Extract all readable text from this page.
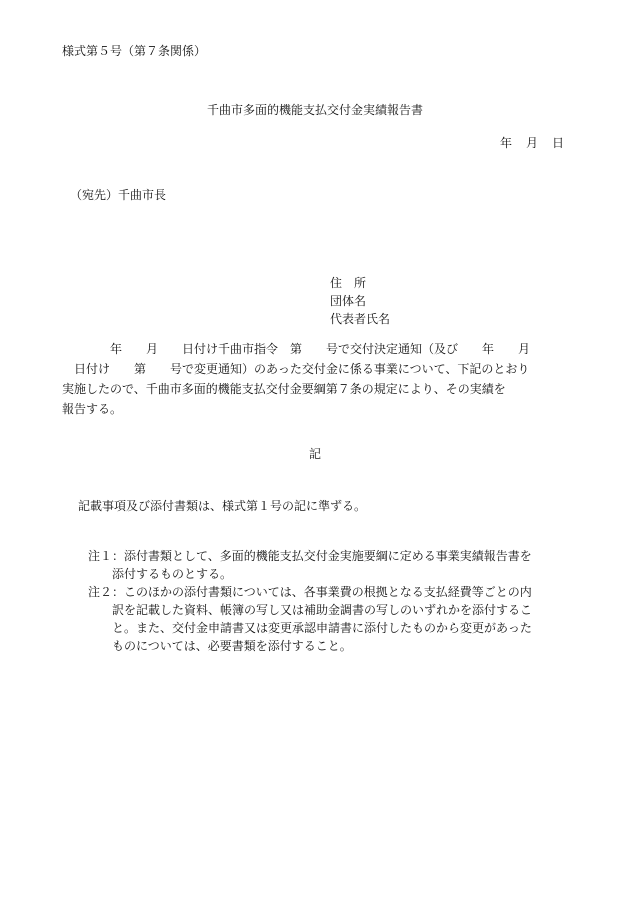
様式第５号（第７条関係）
千曲市多面的機能支払交付金実績報告書
年 月 日
（宛先）千曲市長
住　所
団体名
代表者氏名
　　　　年　　月　　日付け千曲市指令　第　　号で交付決定通知（及び　　年　　月
　日付け　　第　　号で変更通知）のあった交付金に係る事業について、下記のとおり
実施したので、千曲市多面的機能支払交付金要綱第７条の規定により、その実績を
報告する。
記
記載事項及び添付書類は、様式第１号の記に準ずる。
注１：添付書類として、多面的機能支払交付金実施要綱に定める事業実績報告書を
添付するものとする。
注２：このほかの添付書類については、各事業費の根拠となる支払経費等ごとの内
訳を記載した資料、帳簿の写し又は補助金調書の写しのいずれかを添付するこ
と。また、交付金申請書又は変更承認申請書に添付したものから変更があった
ものについては、必要書類を添付すること。
